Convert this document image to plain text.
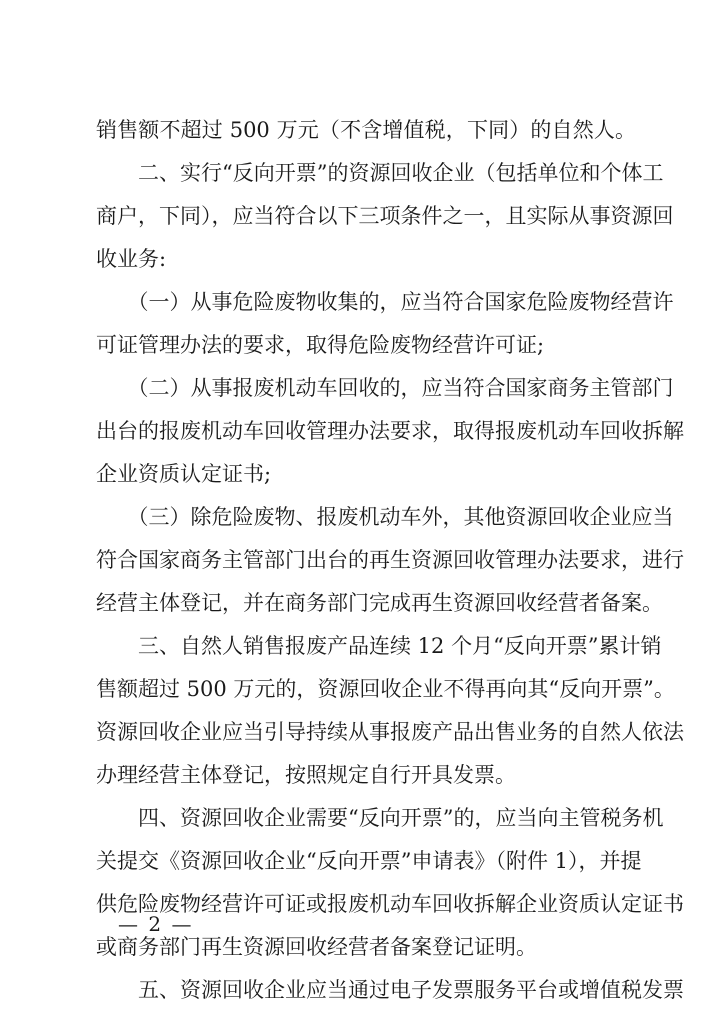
销售额不超过 500 万元（不含增值税，下同）的自然人。
　　二、实行“反向开票”的资源回收企业（包括单位和个体工
商户，下同），应当符合以下三项条件之一，且实际从事资源回
收业务:
　　（一）从事危险废物收集的，应当符合国家危险废物经营许
可证管理办法的要求，取得危险废物经营许可证;
　　（二）从事报废机动车回收的，应当符合国家商务主管部门
出台的报废机动车回收管理办法要求，取得报废机动车回收拆解
企业资质认定证书;
　　（三）除危险废物、报废机动车外，其他资源回收企业应当
符合国家商务主管部门出台的再生资源回收管理办法要求，进行
经营主体登记，并在商务部门完成再生资源回收经营者备案。
　　三、自然人销售报废产品连续 12 个月“反向开票”累计销
售额超过 500 万元的，资源回收企业不得再向其“反向开票”。
资源回收企业应当引导持续从事报废产品出售业务的自然人依法
办理经营主体登记，按照规定自行开具发票。
　　四、资源回收企业需要“反向开票”的，应当向主管税务机
关提交《资源回收企业“反向开票”申请表》（附件 1），并提
供危险废物经营许可证或报废机动车回收拆解企业资质认定证书
或商务部门再生资源回收经营者备案登记证明。
　　五、资源回收企业应当通过电子发票服务平台或增值税发票
— 2 —
